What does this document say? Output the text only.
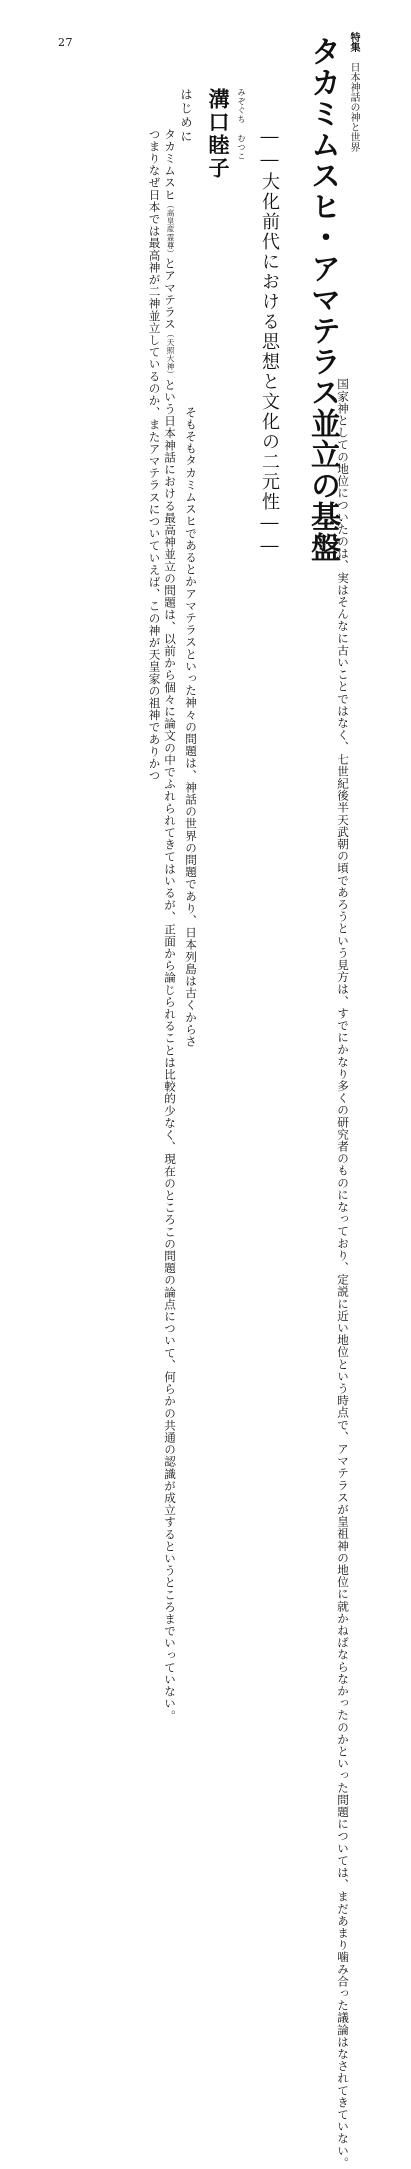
27	特集　日本神話の神と世界
タカミムスヒ・アマテラス並立の基盤
――大化前代における思想と文化の二元性――
みぞぐち むつこ
溝口睦子
はじめに

　タカミムスヒ（高皇産霊尊）とアマテラス（天照大神）という日本神話における最高神並立の問題は、以前から個々に論文の中でふれられてきてはいるが、正面から論じられることは比較的少なく、現在のところこの問題の論点について、何らかの共通の認識が成立するというところまでいっていない。

　つまりなぜ日本では最高神が二神並立しているのか、またアマテラスについていえば、この神が天皇家の祖神でありかつ	国家神としての地位についたのは、実はそんなに古いことではなく、七世紀後半天武朝の頃であろうという見方は、すでにかなり多くの研究者のものになっており、定説に近い地位という時点で、アマテラスが皇祖神の地位に就かねばならなかったのかといった問題については、まだあまり噛み合った議論はなされてきていない。

　そもそもタカミムスヒであるとかアマテラスといった神々の問題は、神話の世界の問題であり、日本列島は古くからさ
